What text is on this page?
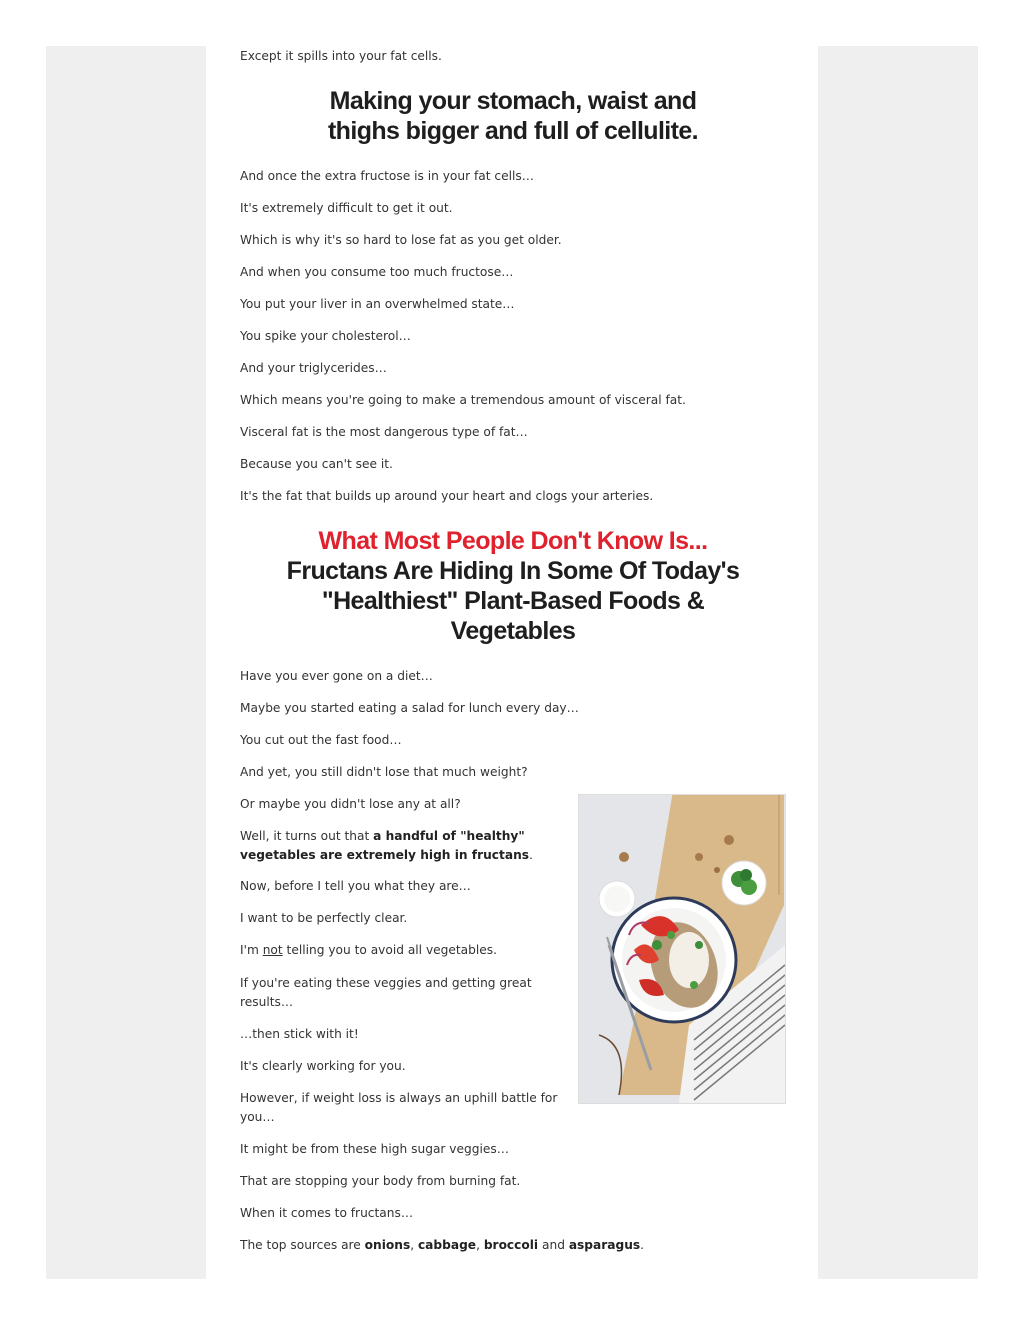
Except it spills into your fat cells.
Making your stomach, waist and
thighs bigger and full of cellulite.
And once the extra fructose is in your fat cells…
It's extremely difficult to get it out.
Which is why it's so hard to lose fat as you get older.
And when you consume too much fructose…
You put your liver in an overwhelmed state…
You spike your cholesterol…
And your triglycerides…
Which means you're going to make a tremendous amount of visceral fat.
Visceral fat is the most dangerous type of fat…
Because you can't see it.
It's the fat that builds up around your heart and clogs your arteries.
What Most People Don't Know Is...
Fructans Are Hiding In Some Of Today's
"Healthiest" Plant-Based Foods &
Vegetables
Have you ever gone on a diet…
Maybe you started eating a salad for lunch every day…
You cut out the fast food…
And yet, you still didn't lose that much weight?
Or maybe you didn't lose any at all?
Well, it turns out that a handful of "healthy" vegetables are extremely high in fructans.
Now, before I tell you what they are…
I want to be perfectly clear.
I'm not telling you to avoid all vegetables.
If you're eating these veggies and getting great results…
…then stick with it!
It's clearly working for you.
However, if weight loss is always an uphill battle for you…
It might be from these high sugar veggies…
That are stopping your body from burning fat.
When it comes to fructans…
The top sources are onions, cabbage, broccoli and asparagus.
